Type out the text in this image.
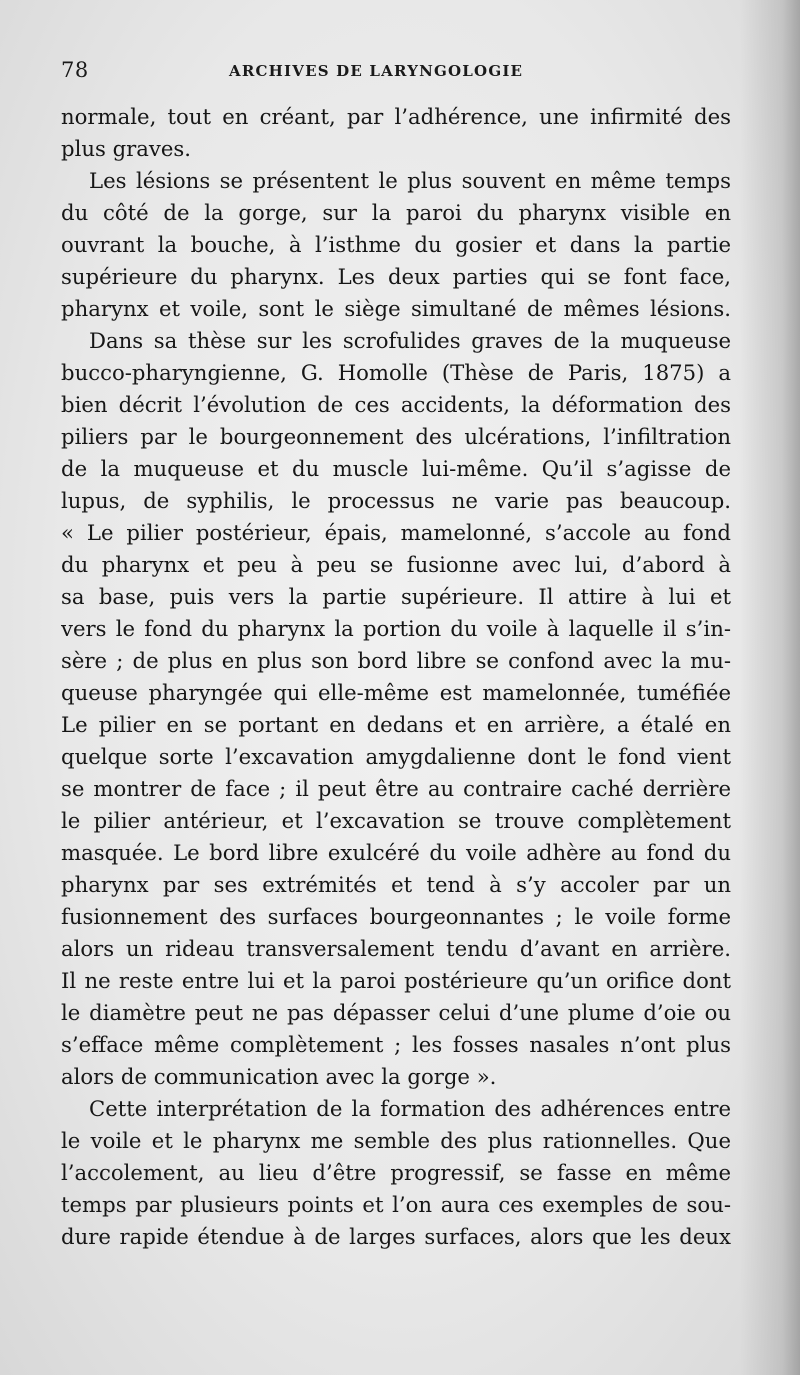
78	ARCHIVES DE LARYNGOLOGIE
normale, tout en créant, par l’adhérence, une infirmité des
plus graves.
Les lésions se présentent le plus souvent en même temps
du côté de la gorge, sur la paroi du pharynx visible en
ouvrant la bouche, à l’isthme du gosier et dans la partie
supérieure du pharynx. Les deux parties qui se font face,
pharynx et voile, sont le siège simultané de mêmes lésions.
Dans sa thèse sur les scrofulides graves de la muqueuse
bucco-pharyngienne, G. Homolle (Thèse de Paris, 1875) a
bien décrit l’évolution de ces accidents, la déformation des
piliers par le bourgeonnement des ulcérations, l’infiltration
de la muqueuse et du muscle lui-même. Qu’il s’agisse de
lupus, de syphilis, le processus ne varie pas beaucoup.
« Le pilier postérieur, épais, mamelonné, s’accole au fond
du pharynx et peu à peu se fusionne avec lui, d’abord à
sa base, puis vers la partie supérieure. Il attire à lui et
vers le fond du pharynx la portion du voile à laquelle il s’in-
sère ; de plus en plus son bord libre se confond avec la mu-
queuse pharyngée qui elle-même est mamelonnée, tuméfiée
Le pilier en se portant en dedans et en arrière, a étalé en
quelque sorte l’excavation amygdalienne dont le fond vient
se montrer de face ; il peut être au contraire caché derrière
le pilier antérieur, et l’excavation se trouve complètement
masquée. Le bord libre exulcéré du voile adhère au fond du
pharynx par ses extrémités et tend à s’y accoler par un
fusionnement des surfaces bourgeonnantes ; le voile forme
alors un rideau transversalement tendu d’avant en arrière.
Il ne reste entre lui et la paroi postérieure qu’un orifice dont
le diamètre peut ne pas dépasser celui d’une plume d’oie ou
s’efface même complètement ; les fosses nasales n’ont plus
alors de communication avec la gorge ».
Cette interprétation de la formation des adhérences entre
le voile et le pharynx me semble des plus rationnelles. Que
l’accolement, au lieu d’être progressif, se fasse en même
temps par plusieurs points et l’on aura ces exemples de sou-
dure rapide étendue à de larges surfaces, alors que les deux
